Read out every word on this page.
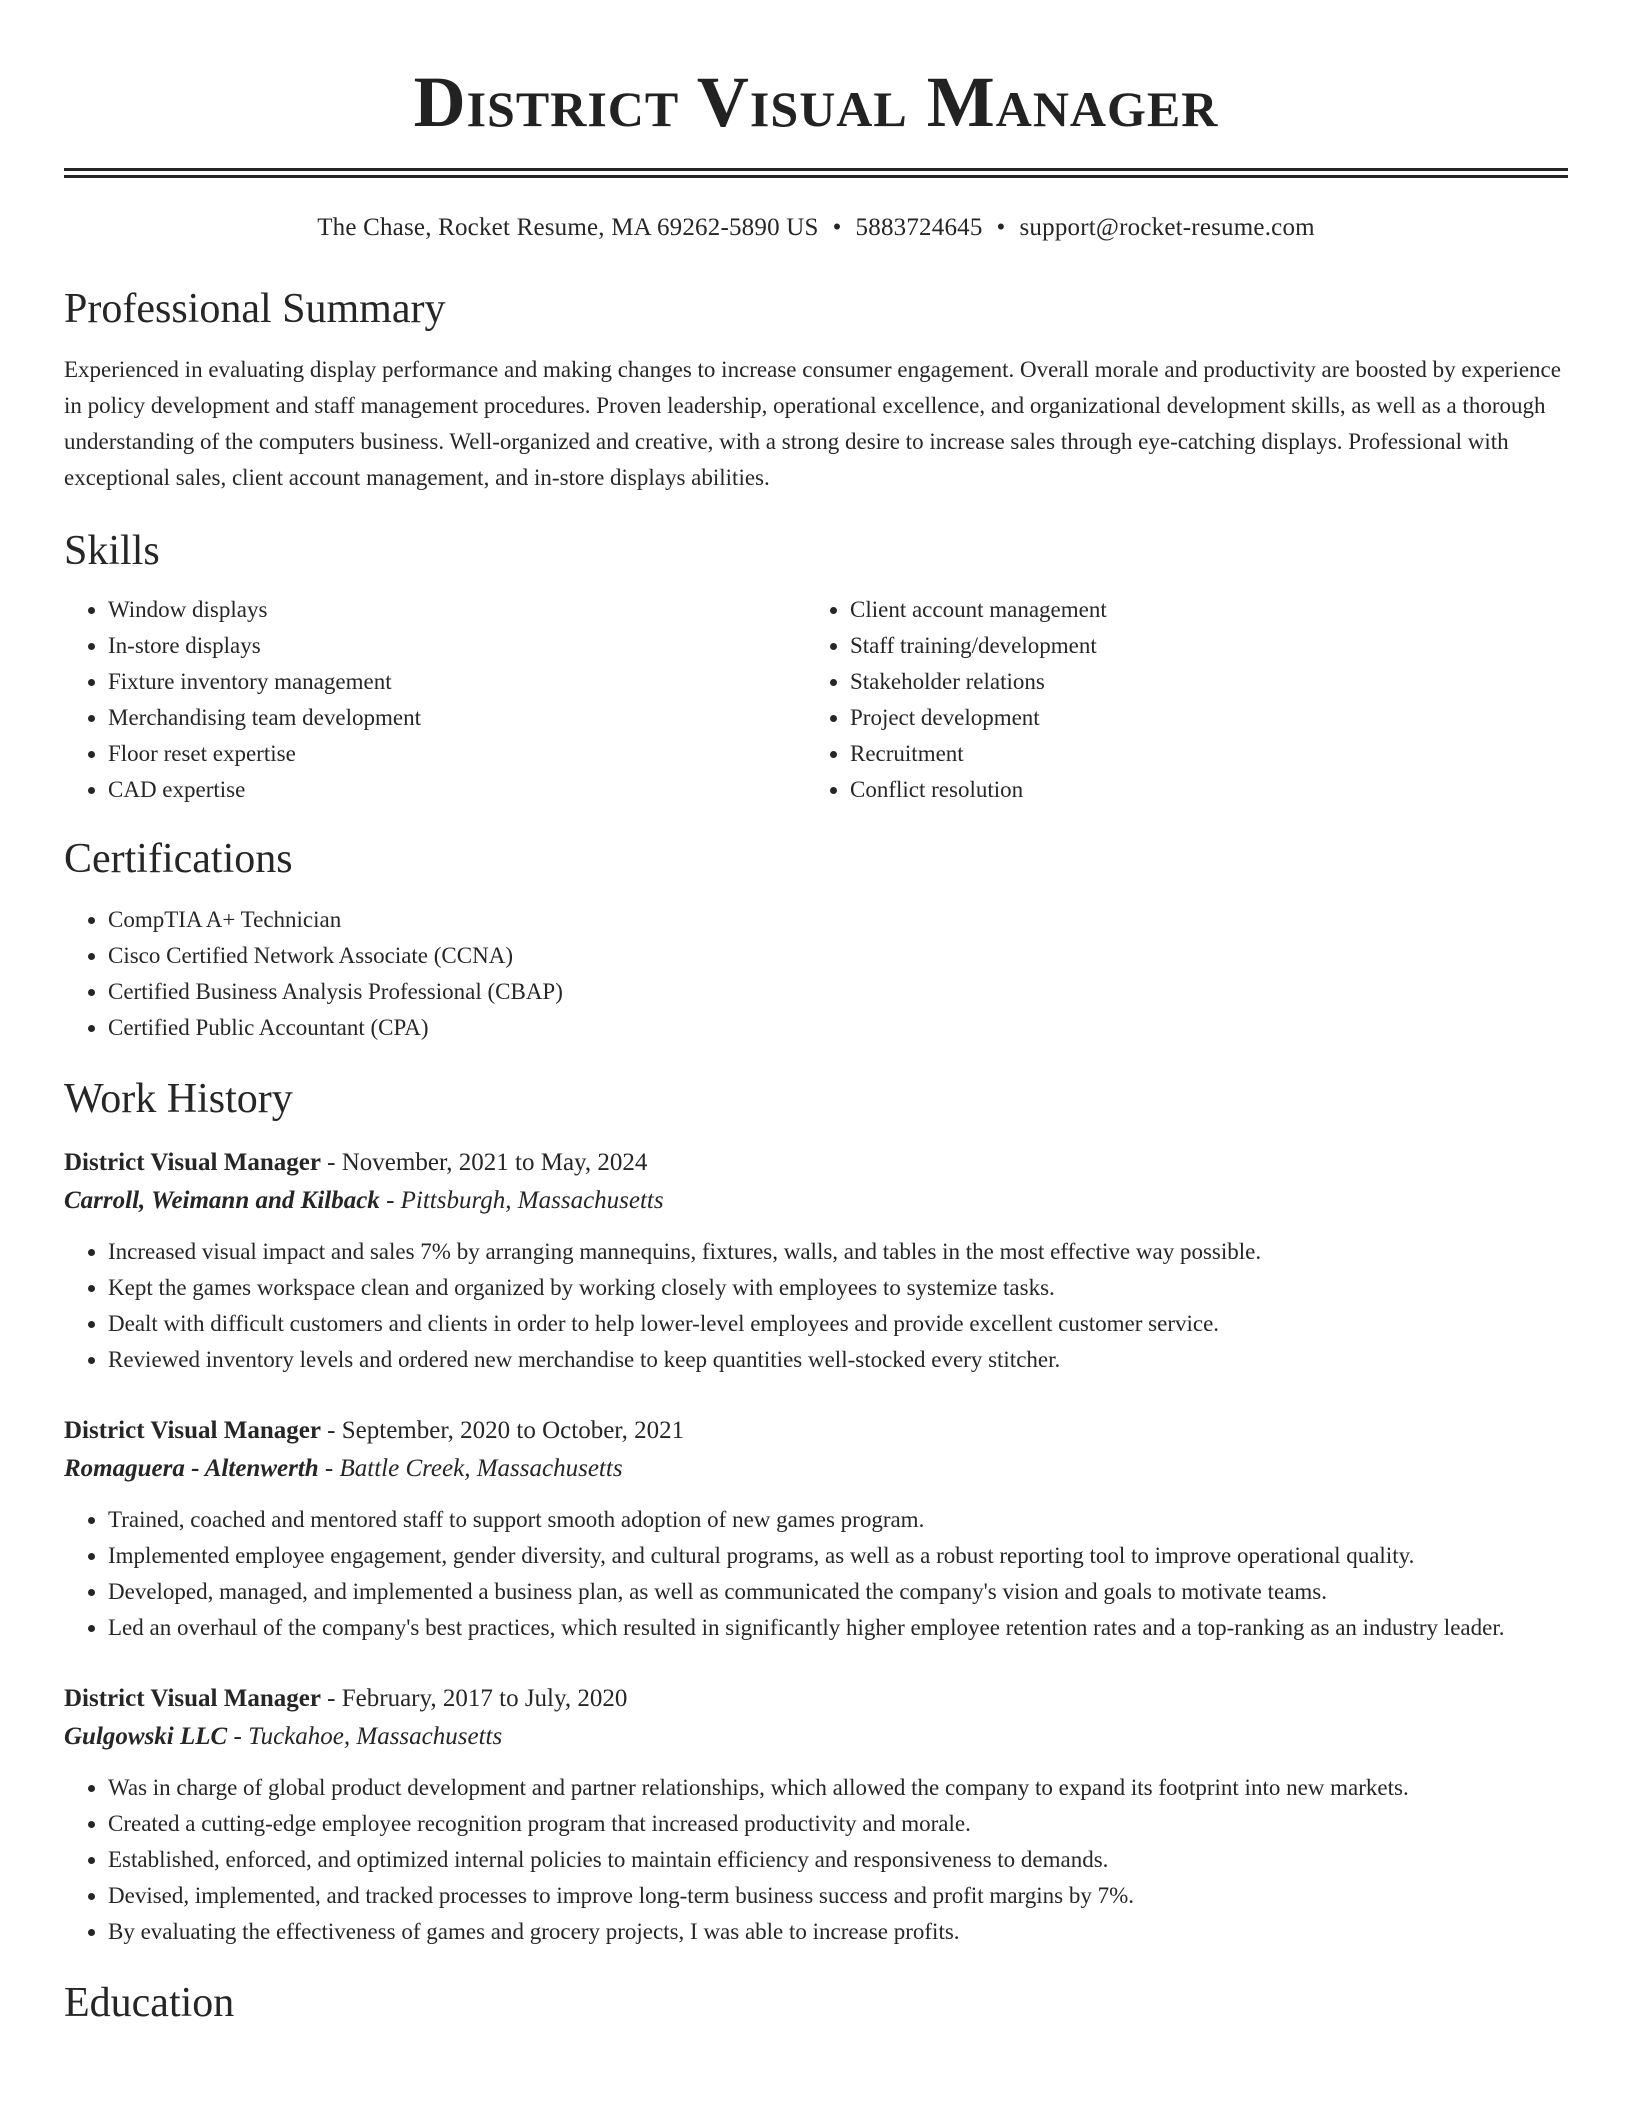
District Visual Manager
The Chase, Rocket Resume, MA 69262-5890 US • 5883724645 • support@rocket-resume.com
Professional Summary

Experienced in evaluating display performance and making changes to increase consumer engagement. Overall morale and productivity are boosted by experience in policy development and staff management procedures. Proven leadership, operational excellence, and organizational development skills, as well as a thorough understanding of the computers business. Well-organized and creative, with a strong desire to increase sales through eye-catching displays. Professional with exceptional sales, client account management, and in-store displays abilities.

Skills
• Window displays
• In-store displays
• Fixture inventory management
• Merchandising team development
• Floor reset expertise
• CAD expertise
• Client account management
• Staff training/development
• Stakeholder relations
• Project development
• Recruitment
• Conflict resolution
Certifications
• CompTIA A+ Technician
• Cisco Certified Network Associate (CCNA)
• Certified Business Analysis Professional (CBAP)
• Certified Public Accountant (CPA)
Work History
District Visual Manager - November, 2021 to May, 2024
Carroll, Weimann and Kilback - Pittsburgh, Massachusetts
• Increased visual impact and sales 7% by arranging mannequins, fixtures, walls, and tables in the most effective way possible.
• Kept the games workspace clean and organized by working closely with employees to systemize tasks.
• Dealt with difficult customers and clients in order to help lower-level employees and provide excellent customer service.
• Reviewed inventory levels and ordered new merchandise to keep quantities well-stocked every stitcher.
District Visual Manager - September, 2020 to October, 2021
Romaguera - Altenwerth - Battle Creek, Massachusetts
• Trained, coached and mentored staff to support smooth adoption of new games program.
• Implemented employee engagement, gender diversity, and cultural programs, as well as a robust reporting tool to improve operational quality.
• Developed, managed, and implemented a business plan, as well as communicated the company's vision and goals to motivate teams.
• Led an overhaul of the company's best practices, which resulted in significantly higher employee retention rates and a top-ranking as an industry leader.
District Visual Manager - February, 2017 to July, 2020
Gulgowski LLC - Tuckahoe, Massachusetts
• Was in charge of global product development and partner relationships, which allowed the company to expand its footprint into new markets.
• Created a cutting-edge employee recognition program that increased productivity and morale.
• Established, enforced, and optimized internal policies to maintain efficiency and responsiveness to demands.
• Devised, implemented, and tracked processes to improve long-term business success and profit margins by 7%.
• By evaluating the effectiveness of games and grocery projects, I was able to increase profits.
Education
